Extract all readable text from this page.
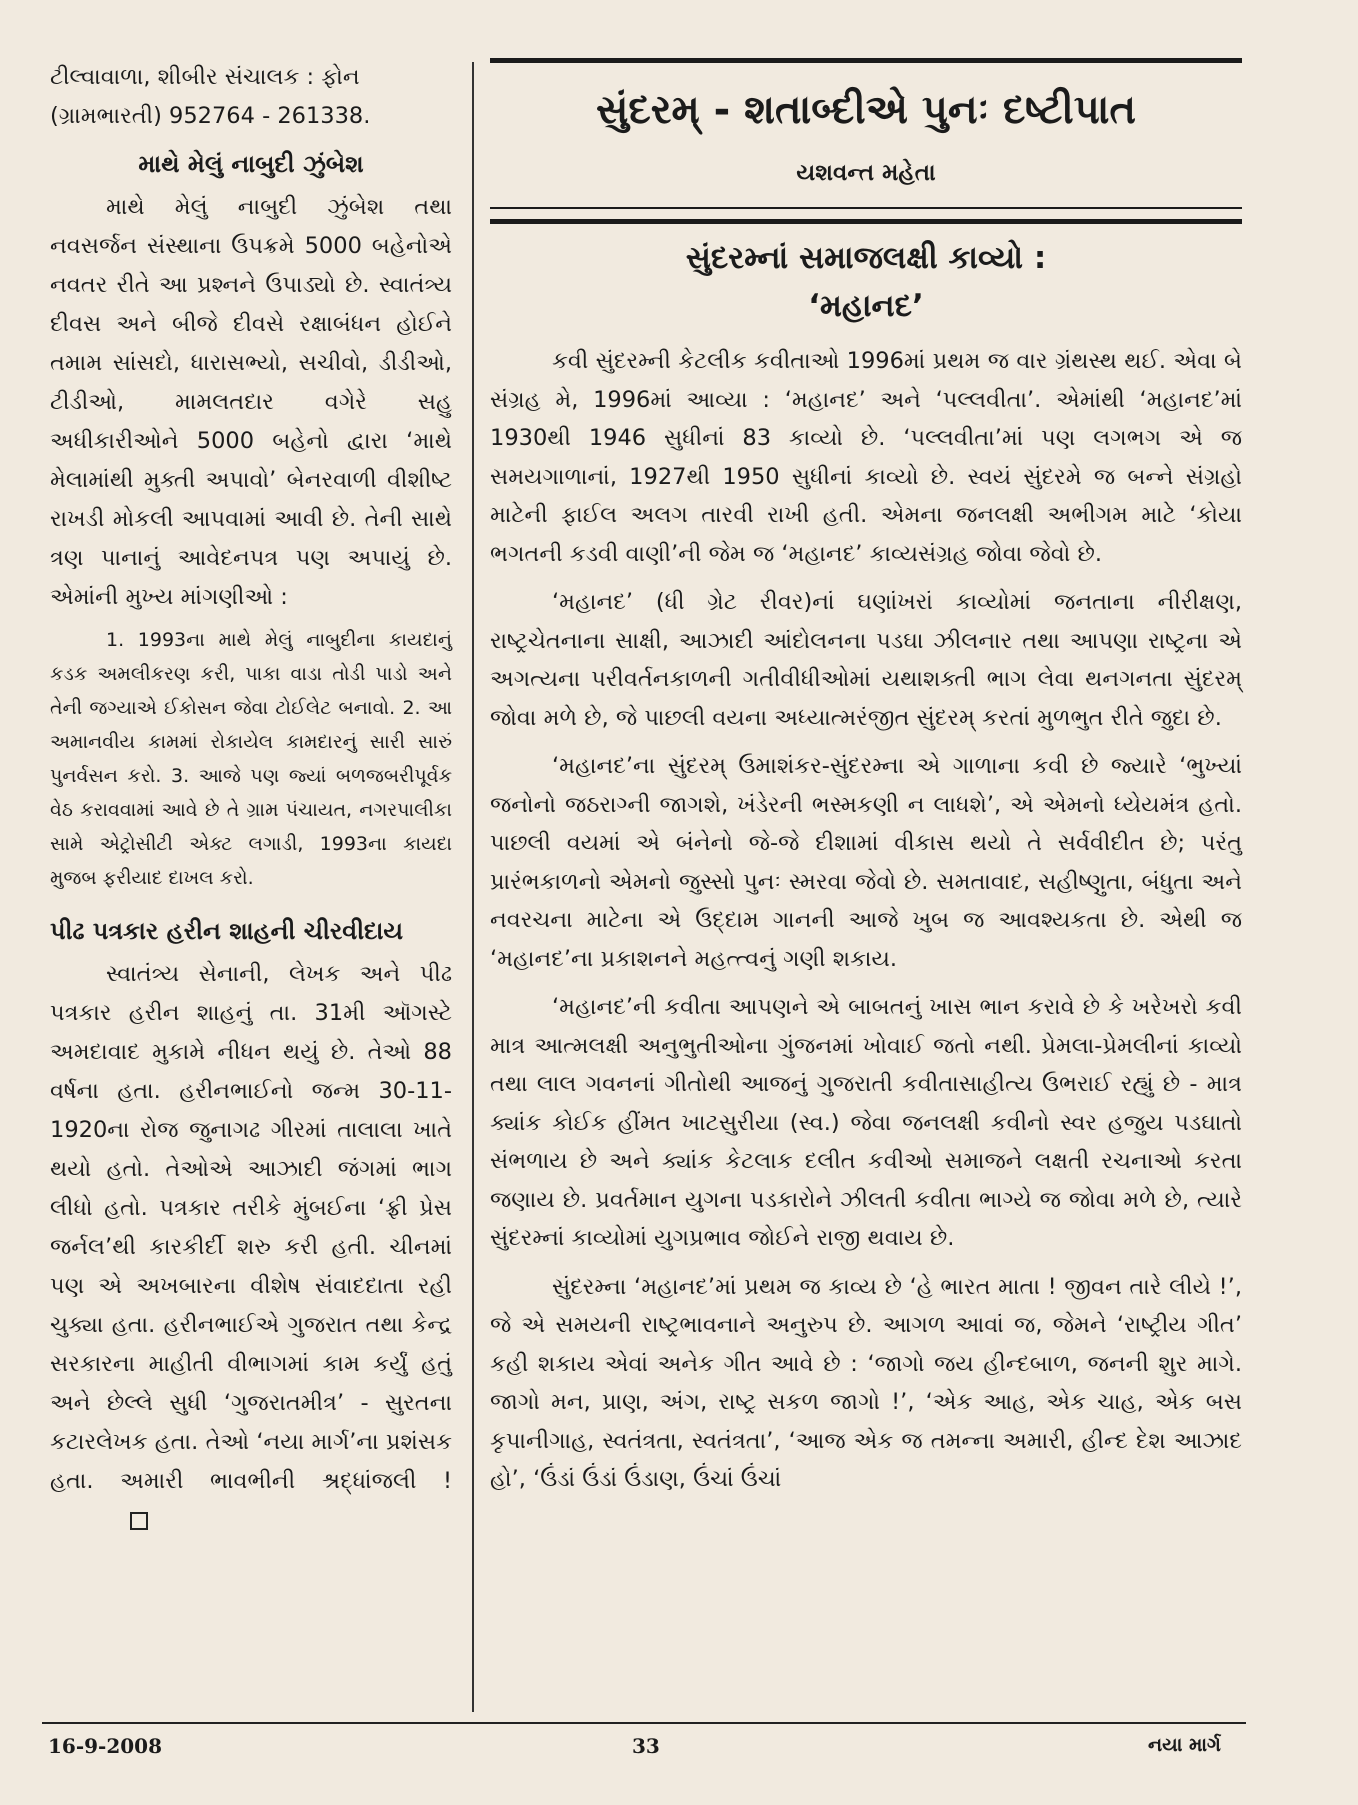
ટીલ્વાવાળા, શીબીર સંચાલક : ફોન

(ગ્રામભારતી) 952764 - 261338.

માથે મેલું નાબુદી ઝુંબેશ

માથે મેલું નાબુદી ઝુંબેશ તથા નવસર્જન સંસ્થાના ઉપક્રમે 5000 બહેનોએ નવતર રીતે આ પ્રશ્નને ઉપાડ્યો છે. સ્વાતંત્ર્ય દીવસ અને બીજે દીવસે રક્ષાબંધન હોઈને તમામ સાંસદો, ધારાસભ્યો, સચીવો, ડીડીઓ, ટીડીઓ, મામલતદાર વગેરે સહુ અધીકારીઓને 5000 બહેનો દ્વારા ‘માથે મેલામાંથી મુક્તી અપાવો’ બેનરવાળી વીશીષ્ટ રાખડી મોકલી આપવામાં આવી છે. તેની સાથે ત્રણ પાનાનું આવેદનપત્ર પણ અપાયું છે. એમાંની મુખ્ય માંગણીઓ :

1. 1993ના માથે મેલું નાબુદીના કાયદાનું કડક અમલીકરણ કરી, પાકા વાડા તોડી પાડો અને તેની જગ્યાએ ઈકોસન જેવા ટોઈલેટ બનાવો. 2. આ અમાનવીય કામમાં રોકાયેલ કામદારનું સારી સારું પુનર્વસન કરો. 3. આજે પણ જ્યાં બળજબરીપૂર્વક વેઠ કરાવવામાં આવે છે તે ગ્રામ પંચાયત, નગરપાલીકા સામે એટ્રોસીટી એક્ટ લગાડી, 1993ના કાયદા મુજબ ફરીયાદ દાખલ કરો.

પીઢ પત્રકાર હરીન શાહની ચીરવીદાય

સ્વાતંત્ર્ય સેનાની, લેખક અને પીઢ પત્રકાર હરીન શાહનું તા. 31મી ઑગસ્ટે અમદાવાદ મુકામે નીધન થયું છે. તેઓ 88 વર્ષના હતા. હરીનભાઈનો જન્મ 30-11-1920ના રોજ જુનાગઢ ગીરમાં તાલાલા ખાતે થયો હતો. તેઓએ આઝાદી જંગમાં ભાગ લીધો હતો. પત્રકાર તરીકે મુંબઈના ‘ફ્રી પ્રેસ જર્નલ’થી કારકીર્દી શરુ કરી હતી. ચીનમાં પણ એ અખબારના વીશેષ સંવાદદાતા રહી ચુક્યા હતા. હરીનભાઈએ ગુજરાત તથા કેન્દ્ર સરકારના માહીતી વીભાગમાં કામ કર્યું હતું અને છેલ્લે સુધી ‘ગુજરાતમીત્ર’ - સુરતના કટારલેખક હતા. તેઓ ‘નયા માર્ગ’ના પ્રશંસક હતા. અમારી ભાવભીની શ્રદ્ધાંજલી !

સુંદરમ્ - શતાબ્દીએ પુનઃ દષ્ટીપાત
યશવન્ત મહેતા
સુંદરમ્નાં સમાજલક્ષી કાવ્યો :
‘મહાનદ’

કવી સુંદરમ્ની કેટલીક કવીતાઓ 1996માં પ્રથમ જ વાર ગ્રંથસ્થ થઈ. એવા બે સંગ્રહ મે, 1996માં આવ્યા : ‘મહાનદ’ અને ‘પલ્લવીતા’. એમાંથી ‘મહાનદ’માં 1930થી 1946 સુધીનાં 83 કાવ્યો છે. ‘પલ્લવીતા’માં પણ લગભગ એ જ સમયગાળાનાં, 1927થી 1950 સુધીનાં કાવ્યો છે. સ્વયં સુંદરમે જ બન્ને સંગ્રહો માટેની ફાઈલ અલગ તારવી રાખી હતી. એમના જનલક્ષી અભીગમ માટે ‘કોયા ભગતની કડવી વાણી’ની જેમ જ ‘મહાનદ’ કાવ્યસંગ્રહ જોવા જેવો છે.

‘મહાનદ’ (ધી ગ્રેટ રીવર)નાં ઘણાંખરાં કાવ્યોમાં જનતાના નીરીક્ષણ, રાષ્ટ્રચેતનાના સાક્ષી, આઝાદી આંદોલનના પડઘા ઝીલનાર તથા આપણા રાષ્ટ્રના એ અગત્યના પરીવર્તનકાળની ગતીવીધીઓમાં યથાશક્તી ભાગ લેવા થનગનતા સુંદરમ્ જોવા મળે છે, જે પાછલી વયના અધ્યાત્મરંજીત સુંદરમ્ કરતાં મુળભુત રીતે જુદા છે.

‘મહાનદ’ના સુંદરમ્ ઉમાશંકર-સુંદરમ્ના એ ગાળાના કવી છે જ્યારે ‘ભુખ્યાં જનોનો જઠરાગ્ની જાગશે, ખંડેરની ભસ્મકણી ન લાધશે’, એ એમનો ધ્યેયમંત્ર હતો. પાછલી વયમાં એ બંનેનો જે-જે દીશામાં વીકાસ થયો તે સર્વવીદીત છે; પરંતુ પ્રારંભકાળનો એમનો જુસ્સો પુનઃ સ્મરવા જેવો છે. સમતાવાદ, સહીષ્ણુતા, બંધુતા અને નવરચના માટેના એ ઉદ્દામ ગાનની આજે ખુબ જ આવશ્યકતા છે. એથી જ ‘મહાનદ’ના પ્રકાશનને મહત્ત્વનું ગણી શકાય.

‘મહાનદ’ની કવીતા આપણને એ બાબતનું ખાસ ભાન કરાવે છે કે ખરેખરો કવી માત્ર આત્મલક્ષી અનુભુતીઓના ગુંજનમાં ખોવાઈ જતો નથી. પ્રેમલા-પ્રેમલીનાં કાવ્યો તથા લાલ ગવનનાં ગીતોથી આજનું ગુજરાતી કવીતાસાહીત્ય ઉભરાઈ રહ્યું છે - માત્ર ક્યાંક કોઈક હીંમત ખાટસુરીયા (સ્વ.) જેવા જનલક્ષી કવીનો સ્વર હજુય પડઘાતો સંભળાય છે અને ક્યાંક કેટલાક દલીત કવીઓ સમાજને લક્ષતી રચનાઓ કરતા જણાય છે. પ્રવર્તમાન યુગના પડકારોને ઝીલતી કવીતા ભાગ્યે જ જોવા મળે છે, ત્યારે સુંદરમ્નાં કાવ્યોમાં યુગપ્રભાવ જોઈને રાજી થવાય છે.

સુંદરમ્ના ‘મહાનદ’માં પ્રથમ જ કાવ્ય છે ‘હે ભારત માતા ! જીવન તારે લીયે !’, જે એ સમયની રાષ્ટ્રભાવનાને અનુરુપ છે. આગળ આવાં જ, જેમને ‘રાષ્ટ્રીય ગીત’ કહી શકાય એવાં અનેક ગીત આવે છે : ‘જાગો જય હીન્દબાળ, જનની શુર માગે. જાગો મન, પ્રાણ, અંગ, રાષ્ટ્ર સકળ જાગો !’, ‘એક આહ, એક ચાહ, એક બસ કૃપાનીગાહ, સ્વતંત્રતા, સ્વતંત્રતા’, ‘આજ એક જ તમન્ના અમારી, હીન્દ દેશ આઝાદ હો’, ‘ઉંડાં ઉંડાં ઉંડાણ, ઉંચાં ઉંચાં

16-9-2008	33	નયા માર્ગ
